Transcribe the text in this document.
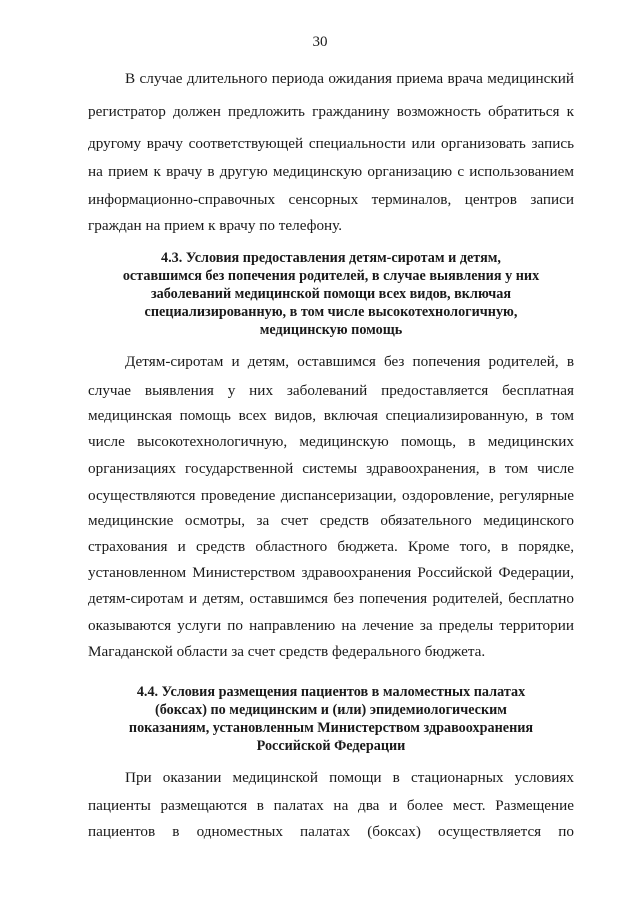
30
В случае длительного периода ожидания приема врача медицинский
регистратор должен предложить гражданину возможность обратиться к
другому врачу соответствующей специальности или организовать запись
на прием к врачу в другую медицинскую организацию с использованием
информационно-справочных сенсорных терминалов, центров записи
граждан на прием к врачу по телефону.
4.3. Условия предоставления детям-сиротам и детям,
оставшимся без попечения родителей, в случае выявления у них
заболеваний медицинской помощи всех видов, включая
специализированную, в том числе высокотехнологичную,
медицинскую помощь
Детям-сиротам и детям, оставшимся без попечения родителей, в
случае выявления у них заболеваний предоставляется бесплатная
медицинская помощь всех видов, включая специализированную, в том
числе высокотехнологичную, медицинскую помощь, в медицинских
организациях государственной системы здравоохранения, в том числе
осуществляются проведение диспансеризации, оздоровление, регулярные
медицинские осмотры, за счет средств обязательного медицинского
страхования и средств областного бюджета. Кроме того, в порядке,
установленном Министерством здравоохранения Российской Федерации,
детям-сиротам и детям, оставшимся без попечения родителей, бесплатно
оказываются услуги по направлению на лечение за пределы территории
Магаданской области за счет средств федерального бюджета.
4.4. Условия размещения пациентов в маломестных палатах
(боксах) по медицинским и (или) эпидемиологическим
показаниям, установленным Министерством здравоохранения
Российской Федерации
При оказании медицинской помощи в стационарных условиях
пациенты размещаются в палатах на два и более мест. Размещение
пациентов в одноместных палатах (боксах) осуществляется по
